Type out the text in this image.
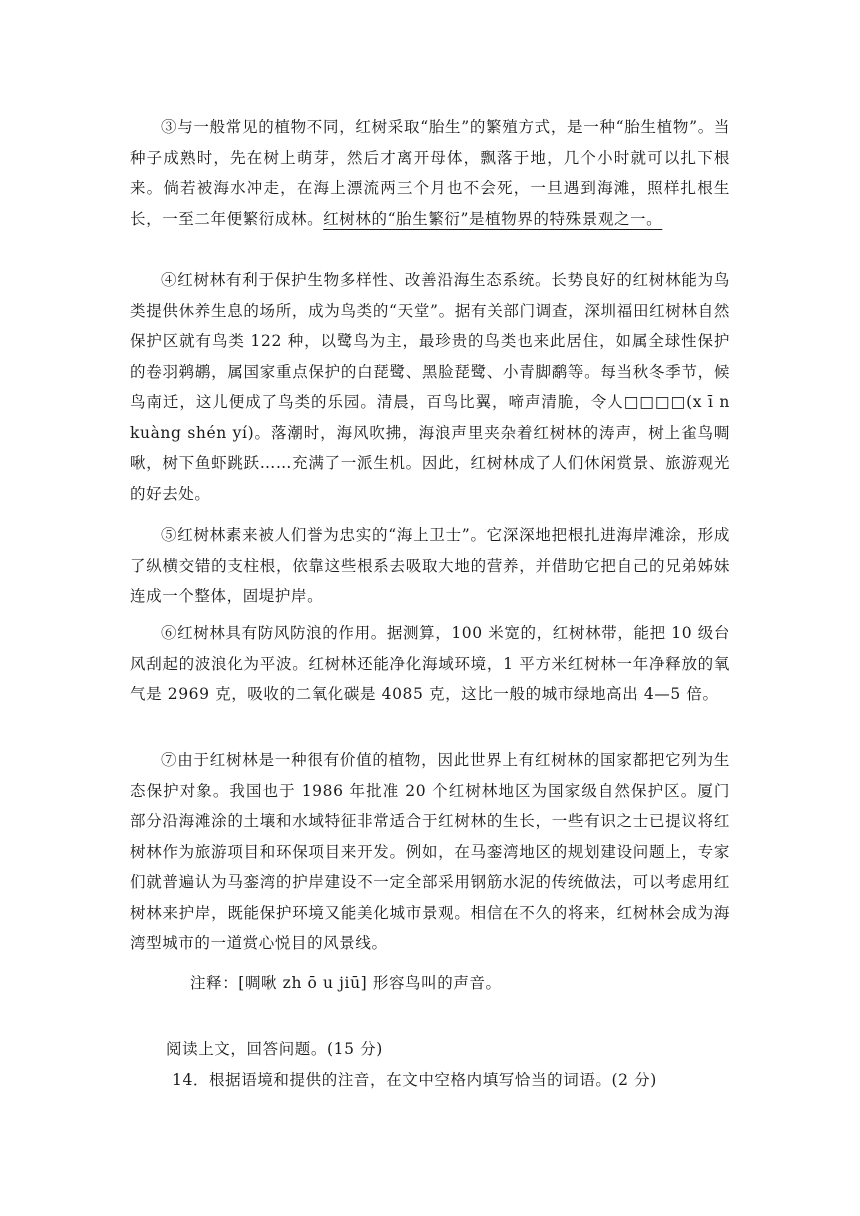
③与一般常见的植物不同，红树采取“胎生”的繁殖方式，是一种“胎生植物”。当种子成熟时，先在树上萌芽，然后才离开母体，飘落于地，几个小时就可以扎下根来。倘若被海水冲走，在海上漂流两三个月也不会死，一旦遇到海滩，照样扎根生长，一至二年便繁衍成林。红树林的“胎生繁衍”是植物界的特殊景观之一。

④红树林有利于保护生物多样性、改善沿海生态系统。长势良好的红树林能为鸟类提供休养生息的场所，成为鸟类的“天堂”。据有关部门调查，深圳福田红树林自然保护区就有鸟类 122 种，以鹭鸟为主，最珍贵的鸟类也来此居住，如属全球性保护的卷羽鹈鹕，属国家重点保护的白琵鹭、黑脸琵鹭、小青脚鹬等。每当秋冬季节，候鸟南迁，这儿便成了鸟类的乐园。清晨，百鸟比翼，啼声清脆，令人□□□□(x ī n kuàng shén yí)。落潮时，海风吹拂，海浪声里夹杂着红树林的涛声，树上雀鸟啁啾，树下鱼虾跳跃……充满了一派生机。因此，红树林成了人们休闲赏景、旅游观光的好去处。

⑤红树林素来被人们誉为忠实的“海上卫士”。它深深地把根扎进海岸滩涂，形成了纵横交错的支柱根，依靠这些根系去吸取大地的营养，并借助它把自己的兄弟姊妹连成一个整体，固堤护岸。

⑥红树林具有防风防浪的作用。据测算，100 米宽的，红树林带，能把 10 级台风刮起的波浪化为平波。红树林还能净化海域环境，1 平方米红树林一年净释放的氧气是 2969 克，吸收的二氧化碳是 4085 克，这比一般的城市绿地高出 4—5 倍。

⑦由于红树林是一种很有价值的植物，因此世界上有红树林的国家都把它列为生态保护对象。我国也于 1986 年批准 20 个红树林地区为国家级自然保护区。厦门部分沿海滩涂的土壤和水域特征非常适合于红树林的生长，一些有识之士已提议将红树林作为旅游项目和环保项目来开发。例如，在马銮湾地区的规划建设问题上，专家们就普遍认为马銮湾的护岸建设不一定全部采用钢筋水泥的传统做法，可以考虑用红树林来护岸，既能保护环境又能美化城市景观。相信在不久的将来，红树林会成为海湾型城市的一道赏心悦目的风景线。

注释：[啁啾 zh ō u jiū] 形容鸟叫的声音。

阅读上文，回答问题。(15 分)

14．根据语境和提供的注音，在文中空格内填写恰当的词语。(2 分)
